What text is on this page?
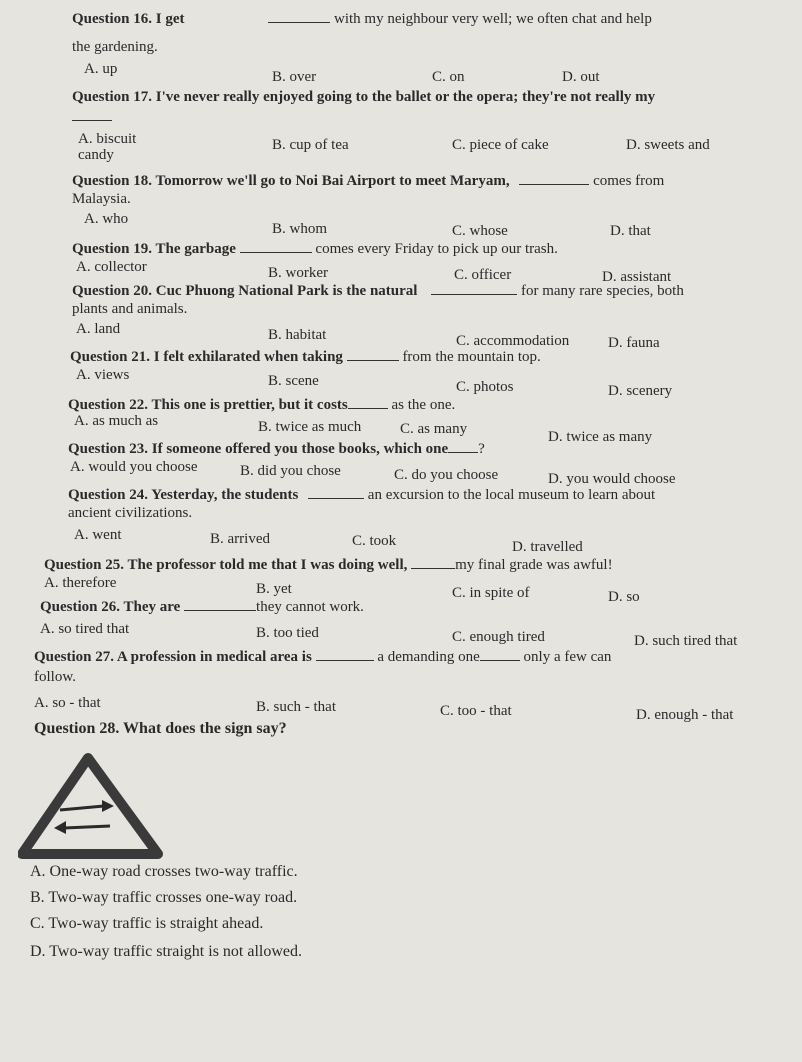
Question 16. I get	with my neighbour very well; we often chat and help
the gardening.
A. up	B. over	C. on	D. out
Question 17. I've never really enjoyed going to the ballet or the opera; they're not really my
A. biscuit
candy
B. cup of tea	C. piece of cake	D. sweets and
Question 18. Tomorrow we'll go to Noi Bai Airport to meet Maryam,	comes from
Malaysia.
A. who
B. whom	C. whose	D. that
Question 19. The garbage	comes every Friday to pick up our trash.
A. collector	B. worker	C. officer	D. assistant
Question 20. Cuc Phuong National Park is the natural	for many rare species, both
plants and animals.
A. land	B. habitat	C. accommodation	D. fauna
Question 21. I felt exhilarated when taking	from the mountain top.
A. views	B. scene	C. photos	D. scenery
Question 22. This one is prettier, but it costs	as the one.
A. as much as	B. twice as much	C. as many	D. twice as many
Question 23. If someone offered you those books, which one ?
A. would you choose	B. did you chose	C. do you choose	D. you would choose
Question 24. Yesterday, the students	an excursion to the local museum to learn about
ancient civilizations.
A. went	B. arrived	C. took	D. travelled
Question 25. The professor told me that I was doing well,	my final grade was awful!
A. therefore	B. yet	C. in spite of	D. so
Question 26. They are	they cannot work.
A. so tired that	B. too tied	C. enough tired	D. such tired that
Question 27. A profession in medical area is	a demanding one	only a few can
follow.
A. so - that	B. such - that	C. too - that	D. enough - that
Question 28. What does the sign say?
A. One-way road crosses two-way traffic.
B. Two-way traffic crosses one-way road.
C. Two-way traffic is straight ahead.
D. Two-way traffic straight is not allowed.
